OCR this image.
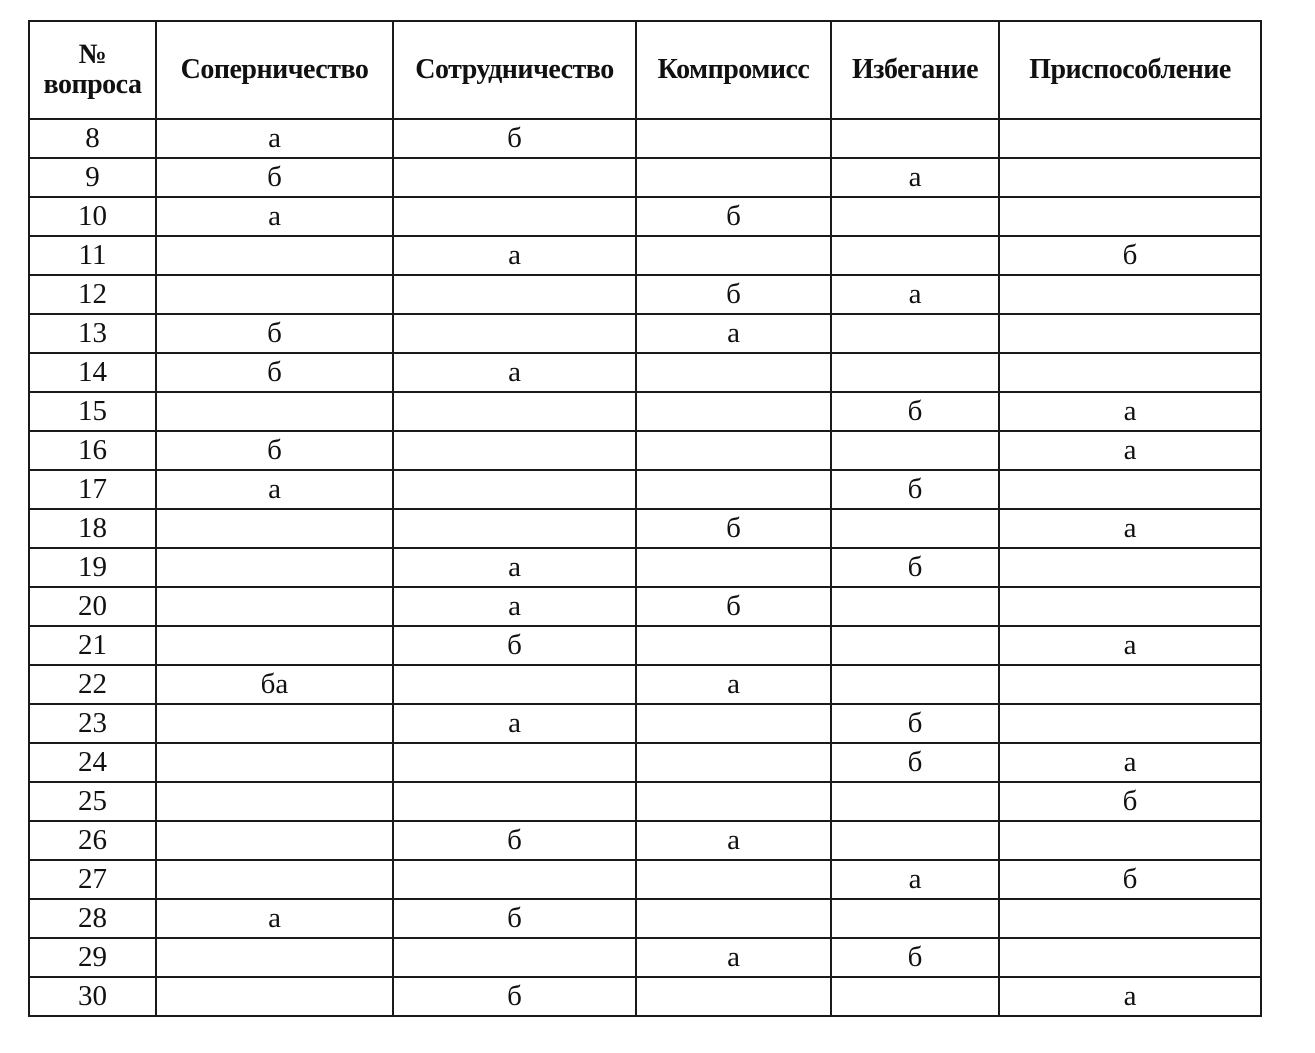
№
вопроса	Соперничество	Сотрудничество	Компромисс	Избегание	Приспособление
8	а	б			
9	б			а	
10	а		б		
11		а			б
12			б	а	
13	б		а		
14	б	а			
15				б	а
16	б				а
17	а			б	
18			б		а
19		а		б	
20		а	б		
21		б			а
22	ба		а		
23		а		б	
24				б	а
25					б
26		б	а		
27				а	б
28	а	б			
29			а	б	
30		б			а
